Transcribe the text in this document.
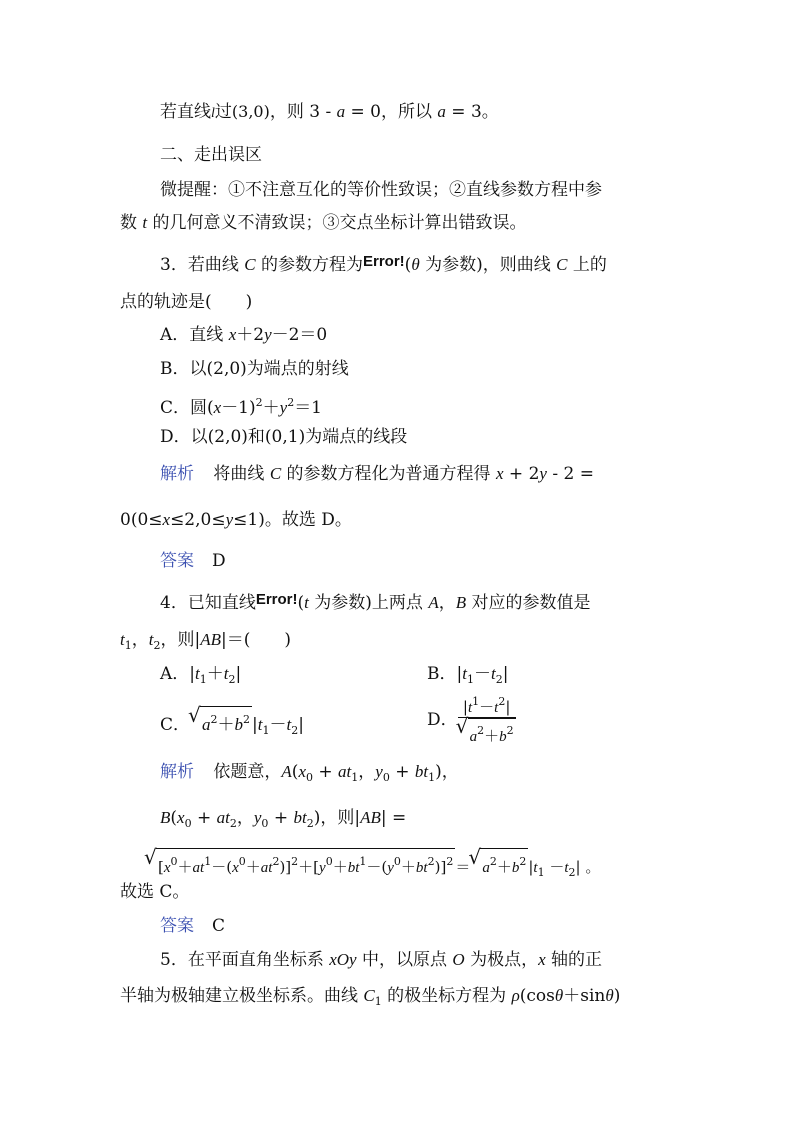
若直线l过(3,0)，则 3 - a = 0，所以 a = 3。
二、走出误区
微提醒：①不注意互化的等价性致误；②直线参数方程中参
数 t 的几何意义不清致误；③交点坐标计算出错致误。
3．若曲线 C 的参数方程为Error!(θ 为参数)，则曲线 C 上的
点的轨迹是(　　)
A．直线 x＋2y－2＝0
B．以(2,0)为端点的射线
C．圆$(x-1)^2+y^2=1$
D．以(2,0)和(0,1)为端点的线段
解析 将曲线 C 的参数方程化为普通方程得 x + 2y - 2 =
0(0≤x≤2,0≤y≤1)。故选 D。
答案 D
4．已知直线Error!(t 为参数)上两点 A，B 对应的参数值是
$t_1$，$t_2$，则|AB|＝(　　)
A．$|t_1+t_2|$	B．$|t_1-t_2|$
C．
√ $a^2+b^2$ $|t_1-t_2|$	D． $\frac{|t^1-t^2|}{√ a^2+b^2}$
解析 依题意，$A(x_0 + at_1$，$y_0 + bt_1$)，
$B(x_0 + at_2$，$y_0 + bt_2$)，则|AB| =
√ $[x^0+at^1-(x^0+at^2)]^2+[y^0+bt^1-(y^0+bt^2)]^2$ ＝
√ $a^2+b^2$ $|t_1 -t_2|$ 。
故选 C。
答案 C
5．在平面直角坐标系 xOy 中，以原点 O 为极点，x 轴的正
半轴为极轴建立极坐标系。曲线 $C_1$ 的极坐标方程为 ρ(cosθ＋sinθ)
